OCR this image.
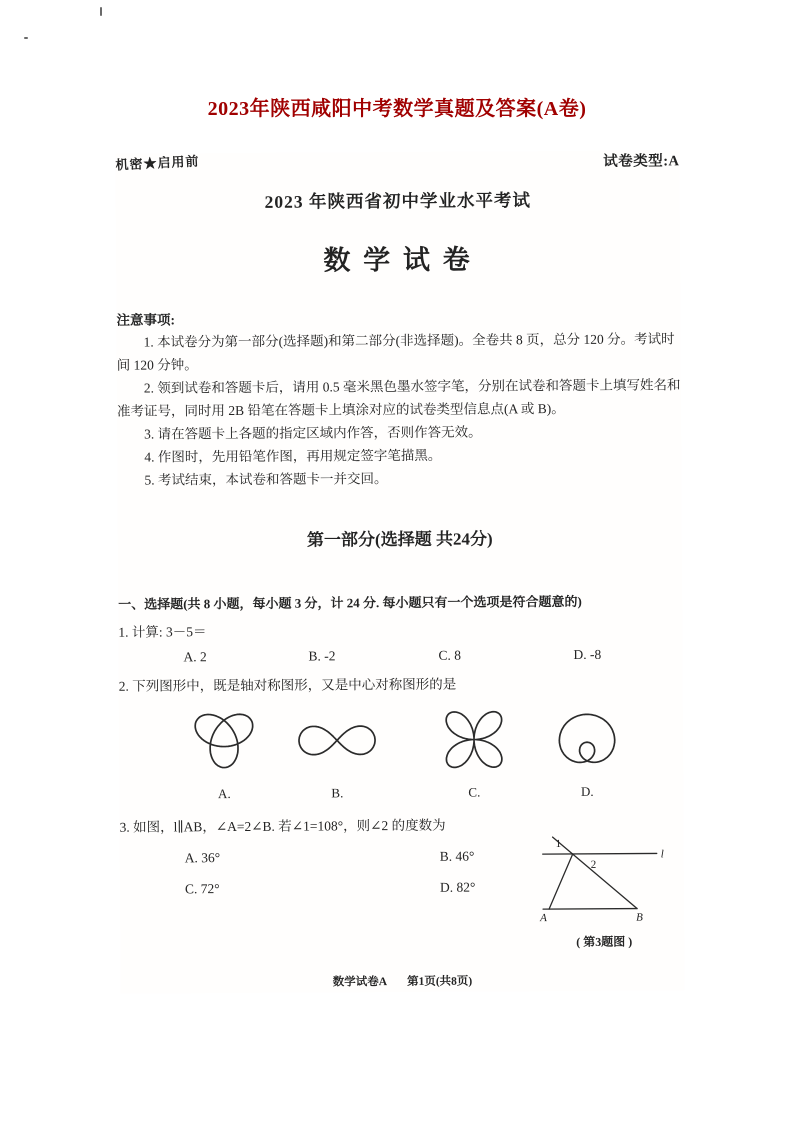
2023年陕西咸阳中考数学真题及答案(A卷)
机密★启用前	试卷类型:A
2023 年陕西省初中学业水平考试
数 学 试 卷
注意事项:

1. 本试卷分为第一部分(选择题)和第二部分(非选择题)。全卷共 8 页，总分 120 分。考试时间 120 分钟。

2. 领到试卷和答题卡后，请用 0.5 毫米黑色墨水签字笔，分别在试卷和答题卡上填写姓名和准考证号，同时用 2B 铅笔在答题卡上填涂对应的试卷类型信息点(A 或 B)。

3. 请在答题卡上各题的指定区域内作答，否则作答无效。

4. 作图时，先用铅笔作图，再用规定签字笔描黑。

5. 考试结束，本试卷和答题卡一并交回。

第一部分(选择题 共24分)
一、选择题(共 8 小题，每小题 3 分，计 24 分. 每小题只有一个选项是符合题意的)
1. 计算: 3－5＝
A. 2	B. -2	C. 8	D. -8
2. 下列图形中，既是轴对称图形，又是中心对称图形的是
A.	B.	C.	D.
3. 如图，l∥AB，∠A=2∠B. 若∠1=108°，则∠2 的度数为
A. 36°	B. 46°
C. 72°	D. 82°
l
1
2
A	B
( 第3题图 )
数学试卷A 第1页(共8页)
